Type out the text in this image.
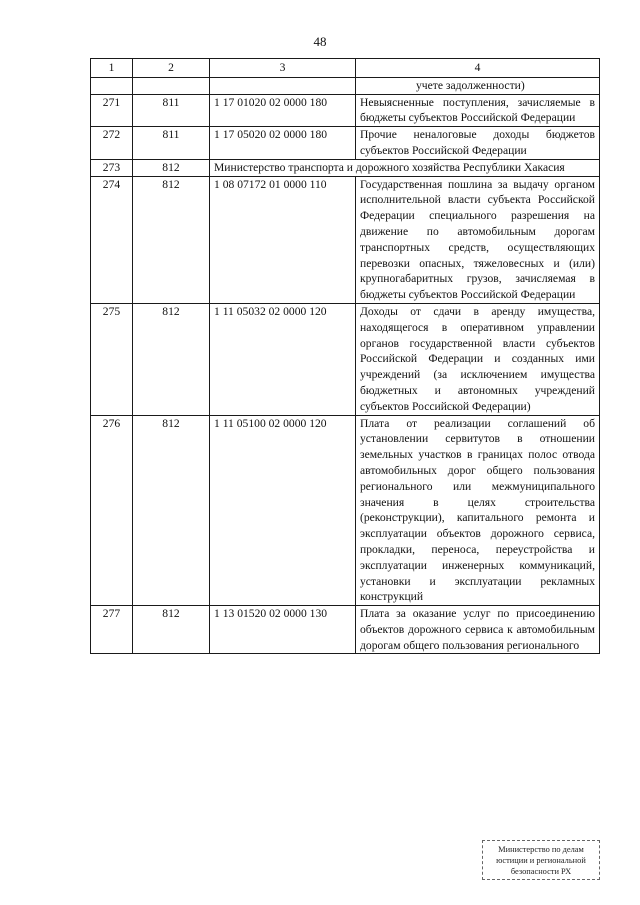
48
1	2	3	4
			учете задолженности)
271	811	1 17 01020 02 0000 180	Невыясненные поступления, зачисляемые в бюджеты субъектов Российской Федерации
272	811	1 17 05020 02 0000 180	Прочие неналоговые доходы бюджетов субъектов Российской Федерации
273	812	Министерство транспорта и дорожного хозяйства Республики Хакасия	
274	812	1 08 07172 01 0000 110	Государственная пошлина за выдачу органом исполнительной власти субъекта Российской Федерации специального разрешения на движение по автомобильным дорогам транспортных средств, осуществляющих перевозки опасных, тяжеловесных и (или) крупногабаритных грузов, зачисляемая в бюджеты субъектов Российской Федерации
275	812	1 11 05032 02 0000 120	Доходы от сдачи в аренду имущества, находящегося в оперативном управлении органов государственной власти субъектов Российской Федерации и созданных ими учреждений (за исключением имущества бюджетных и автономных учреждений субъектов Российской Федерации)
276	812	1 11 05100 02 0000 120	Плата от реализации соглашений об установлении сервитутов в отношении земельных участков в границах полос отвода автомобильных дорог общего пользования регионального или межмуниципального значения в целях строительства (реконструкции), капитального ремонта и эксплуатации объектов дорожного сервиса, прокладки, переноса, переустройства и эксплуатации инженерных коммуникаций, установки и эксплуатации рекламных конструкций
277	812	1 13 01520 02 0000 130	Плата за оказание услуг по присоединению объектов дорожного сервиса к автомобильным дорогам общего пользования регионального
Министерство по делам
юстиции и региональной
безопасности РХ
